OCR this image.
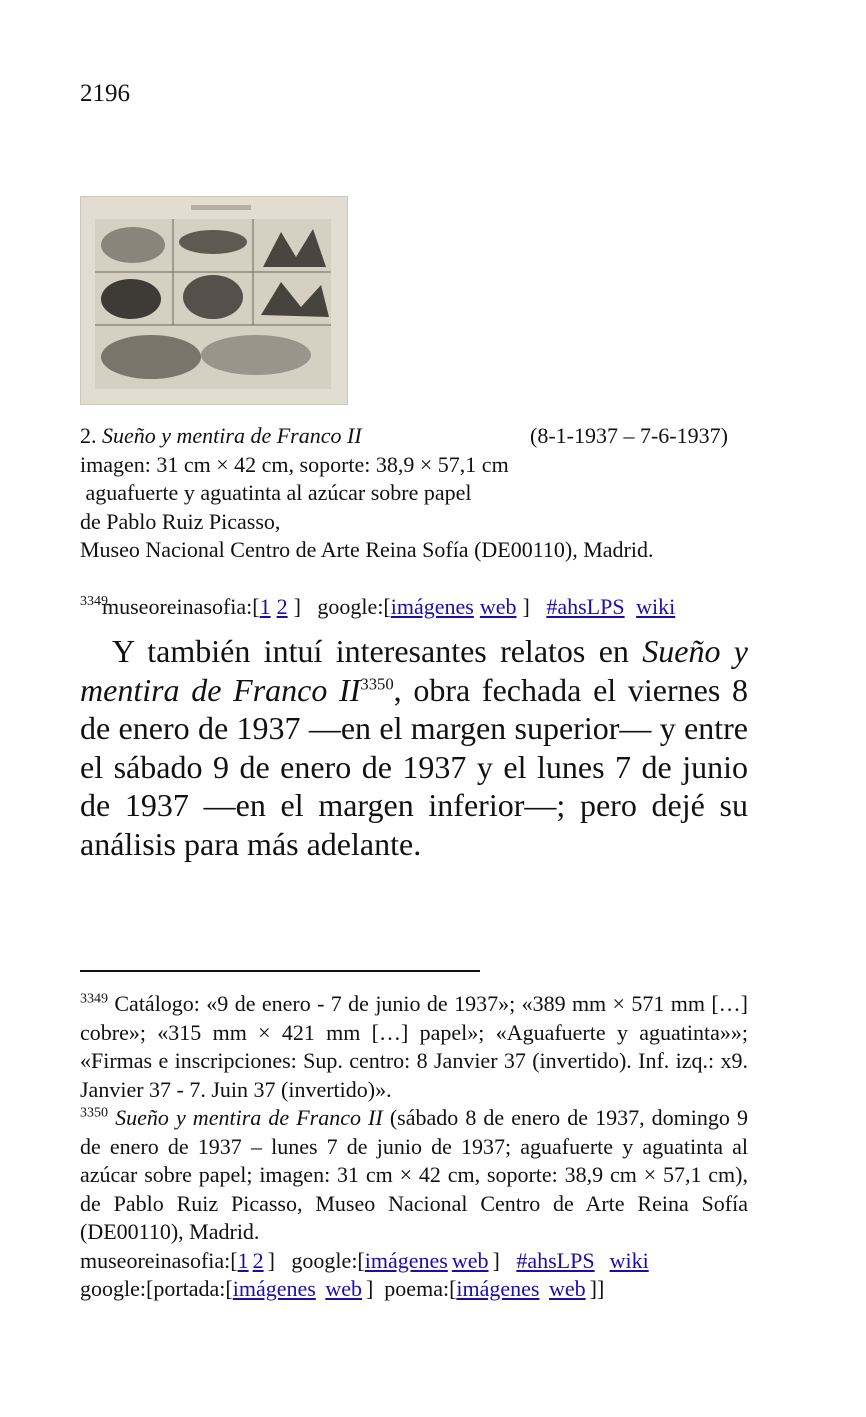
2196
2. Sueño y mentira de Franco II	(8-1-1937 – 7-6-1937)
imagen: 31 cm × 42 cm, soporte: 38,9 × 57,1 cm
aguafuerte y aguatinta al azúcar sobre papel
de Pablo Ruiz Picasso,
Museo Nacional Centro de Arte Reina Sofía (DE00110), Madrid.

museoreinasofia:[1 2 ]   google:[imágenes web ] #ahsLPS wiki

3349

Y también intuí interesantes relatos en Sueño y mentira de Franco $II^{3350}$, obra fechada el viernes 8 de enero de 1937 —en el margen superior— y entre el sábado 9 de enero de 1937 y el lunes 7 de junio de 1937 —en el margen inferior—; pero dejé su análisis para más adelante.

$^{3349}$ Catálogo: «9 de enero - 7 de junio de 1937»; «389 mm × 571 mm […] cobre»; «315 mm × 421 mm […] papel»; «Aguafuerte y aguatinta»»; «Firmas e inscripciones: Sup. centro: 8 Janvier 37 (invertido). Inf. izq.: x9. Janvier 37 - 7. Juin 37 (invertido)».

$^{3350}$ Sueño y mentira de Franco II (sábado 8 de enero de 1937, domingo 9 de enero de 1937 – lunes 7 de junio de 1937; aguafuerte y aguatinta al azúcar sobre papel; imagen: 31 cm × 42 cm, soporte: 38,9 cm × 57,1 cm), de Pablo Ruiz Picasso, Museo Nacional Centro de Arte Reina Sofía (DE00110), Madrid.

museoreinasofia:[1 2 ]   google:[imágenes web ] #ahsLPS wiki

google:[portada:[imágenes web ]  poema:[imágenes web ]]
